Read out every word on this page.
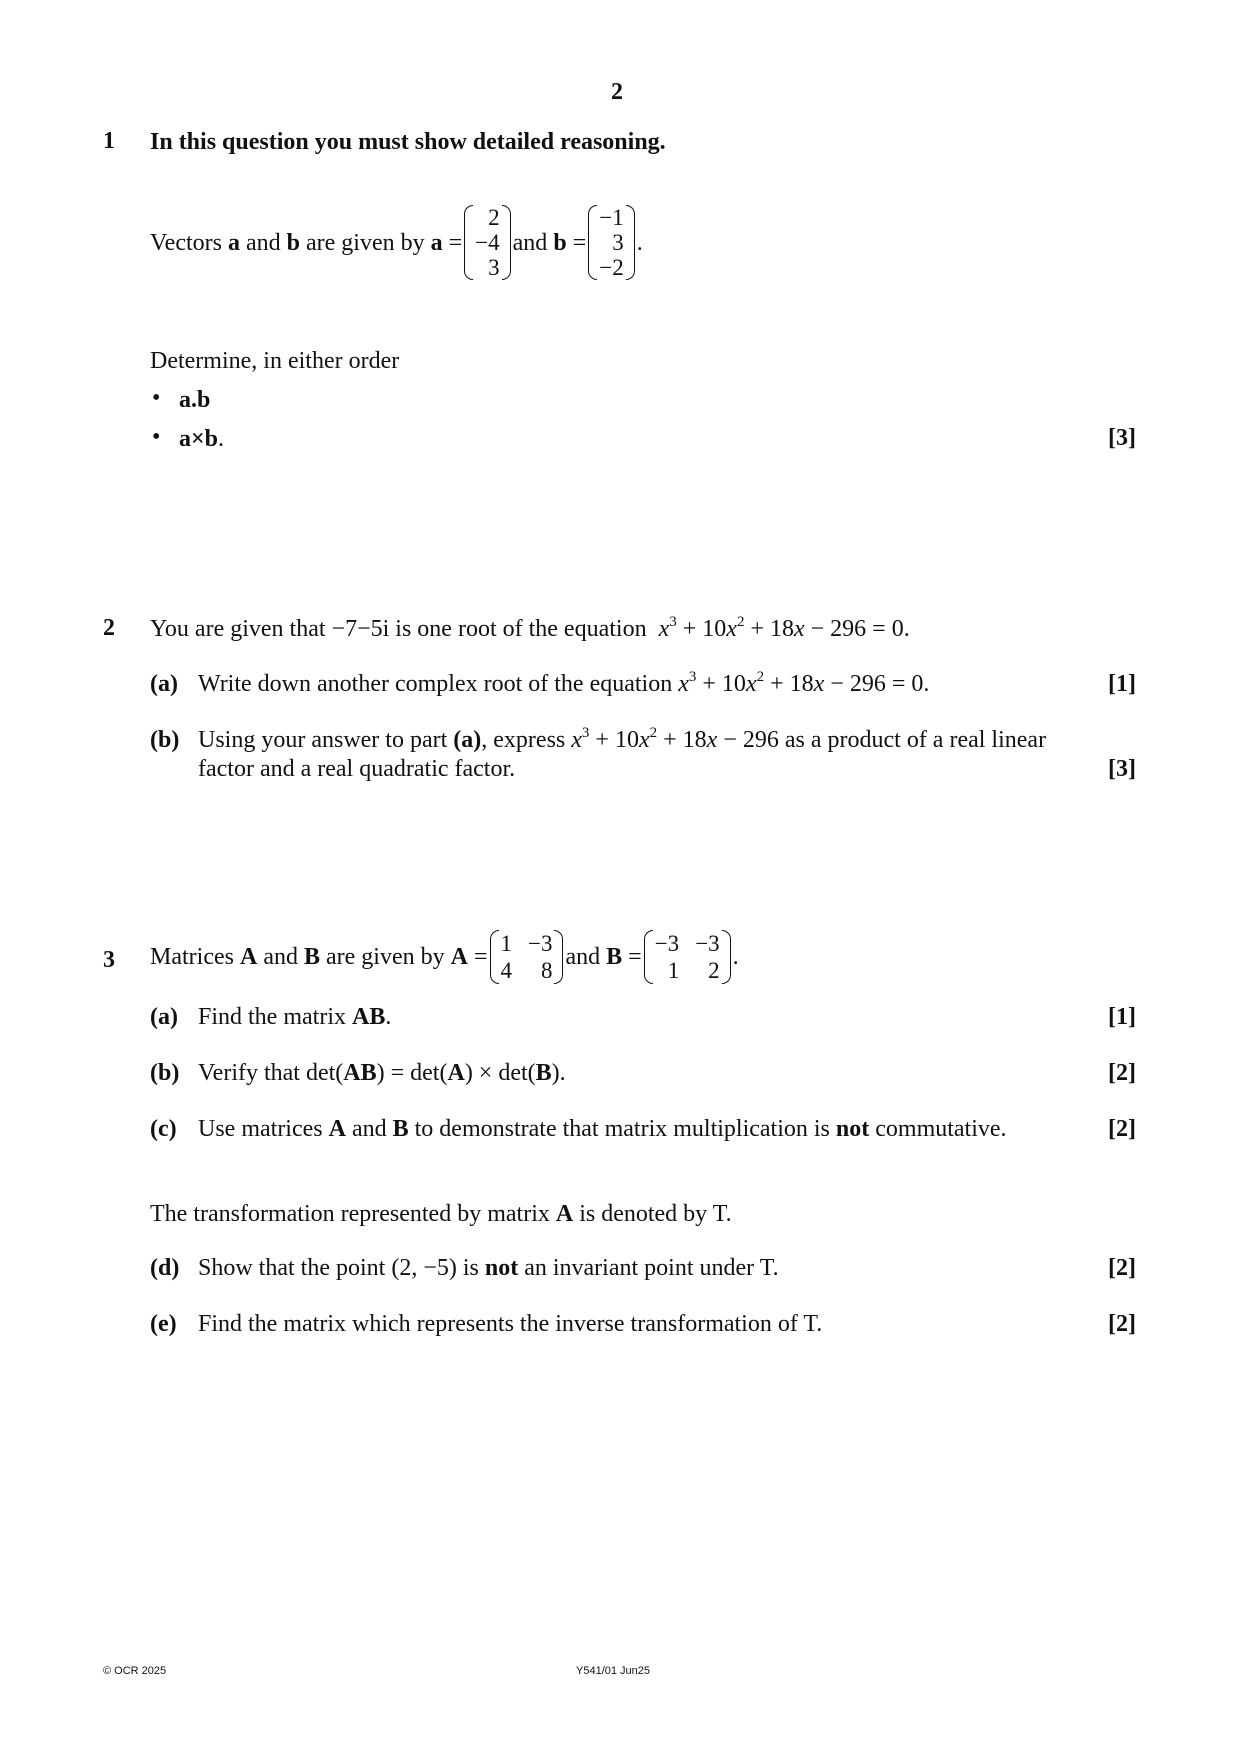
2
1 In this question you must show detailed reasoning.
Vectors
a
and
b
are given by
a
=
2
−4
3
and
b
=
−1
3
−2
.
Determine, in either order
• a.b
• a×b.	[3]
2 You are given that −7−5i is one root of the equation $x^3 + 10x^2 + 18x - 296 = 0$.
(a) Write down another complex root of the equation $x^3 + 10x^2 + 18x - 296 = 0$.	[1]
(b) Using your answer to part (a), express $x^3 + 10x^2 + 18x - 296$ as a product of a real linear
factor and a real quadratic factor.	[3]
3 Matrices
A
and
B
are given by
A
=
1 −3
4	8
and
B
=
−3 −3
1	2
.
(a) Find the matrix AB.	[1]
(b) Verify that det(AB) = det(A) × det(B).	[2]
(c) Use matrices A and B to demonstrate that matrix multiplication is not commutative.	[2]
The transformation represented by matrix A is denoted by T.
(d) Show that the point (2, −5) is not an invariant point under T.	[2]
(e) Find the matrix which represents the inverse transformation of T.	[2]
© OCR 2025	Y541/01 Jun25
